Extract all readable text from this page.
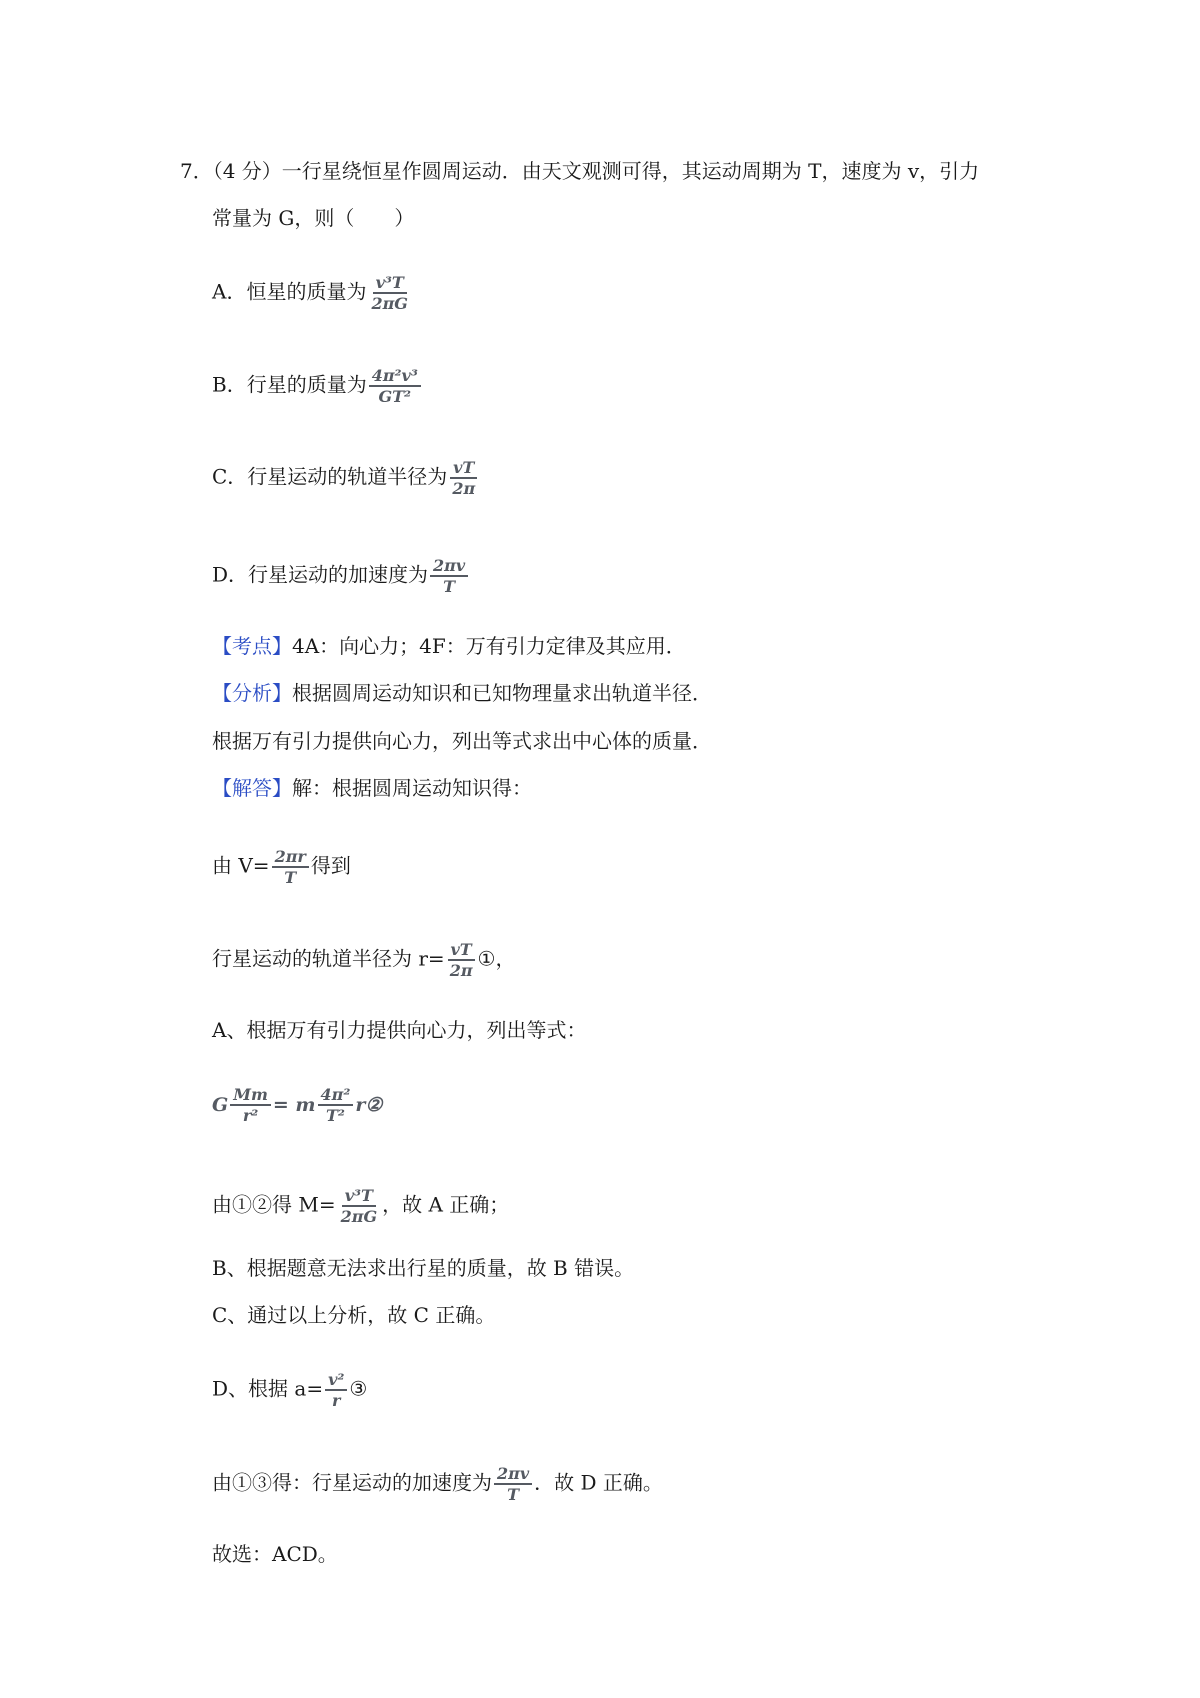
7．（4 分）一行星绕恒星作圆周运动．由天文观测可得，其运动周期为 T，速度为 v，引力
常量为 G，则（　　）
A．恒星的质量为 $\frac{\text{v³T}}{2\pi G}$
B．行星的质量为 $\frac{\text{4π²v³}}{\text{GT²}}$
C．行星运动的轨道半径为 $\frac{vT}{2\pi}$
D．行星运动的加速度为 $\frac{2\pi v}{T}$
【考点】4A：向心力；4F：万有引力定律及其应用．
【分析】根据圆周运动知识和已知物理量求出轨道半径．
根据万有引力提供向心力，列出等式求出中心体的质量．
【解答】解：根据圆周运动知识得：
由 $V= \frac{2\pi r}{T}$ 得到
行星运动的轨道半径为 $r= \frac{vT}{2\pi}$ ①，
A、根据万有引力提供向心力，列出等式：
G $\frac{Mm}{\text{r²}} = m \frac{\text{4π²}}{\text{T²}}$ r②
由①②得 $M= \frac{\text{v³T}}{2\pi G}$ ，故 A 正确；
B、根据题意无法求出行星的质量，故 B 错误。
C、通过以上分析，故 C 正确。
D、根据 $a= \frac{\text{v²}}{r}$ ③
由①③得：行星运动的加速度为 $\frac{2\pi v}{T}$ ．故 D 正确。
故选：ACD。
